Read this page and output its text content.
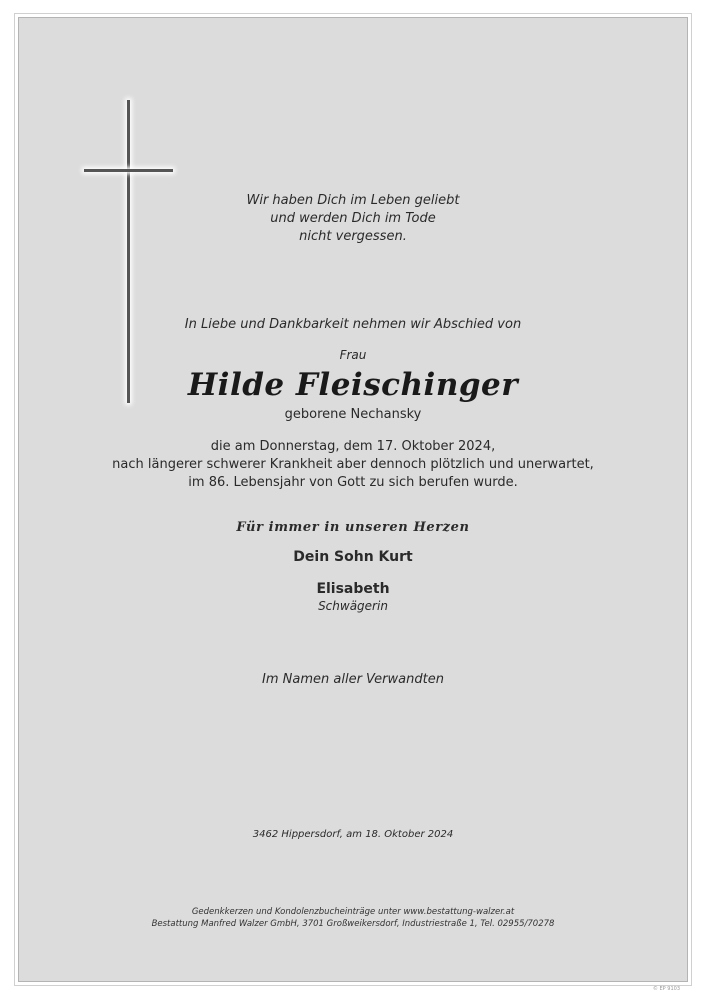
Wir haben Dich im Leben geliebt
und werden Dich im Tode
nicht vergessen.
In Liebe und Dankbarkeit nehmen wir Abschied von
Frau
Hilde Fleischinger
geborene Nechansky
die am Donnerstag, dem 17. Oktober 2024,
nach längerer schwerer Krankheit aber dennoch plötzlich und unerwartet,
im 86. Lebensjahr von Gott zu sich berufen wurde.
Für immer in unseren Herzen
Dein Sohn Kurt
Elisabeth
Schwägerin
Im Namen aller Verwandten
3462 Hippersdorf, am 18. Oktober 2024
Gedenkkerzen und Kondolenzbucheinträge unter www.bestattung-walzer.at
Bestattung Manfred Walzer GmbH, 3701 Großweikersdorf, Industriestraße 1, Tel. 02955/70278
© EP 9103
